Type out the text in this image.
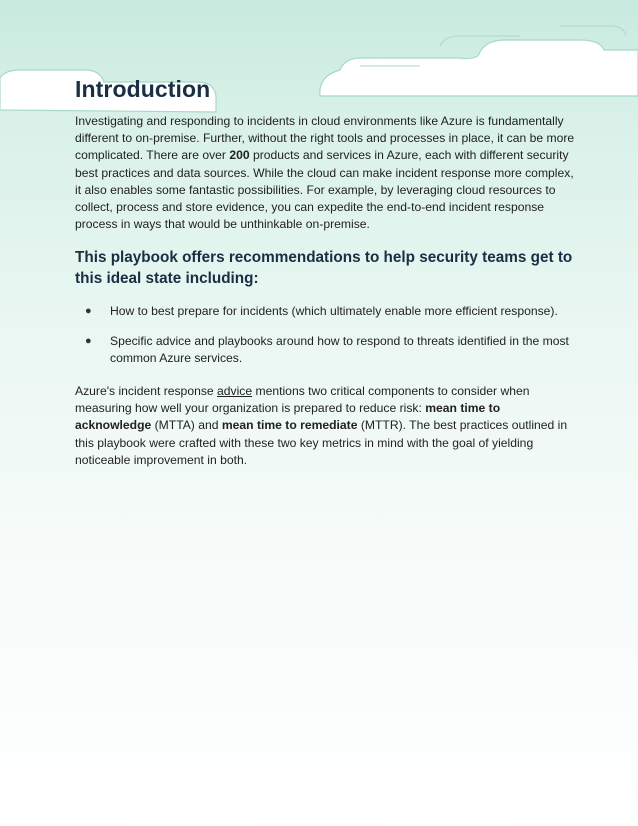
Introduction

Investigating and responding to incidents in cloud environments like Azure is fundamentally different to on-premise. Further, without the right tools and processes in place, it can be more complicated. There are over 200 products and services in Azure, each with different security best practices and data sources. While the cloud can make incident response more complex, it also enables some fantastic possibilities. For example, by leveraging cloud resources to collect, process and store evidence, you can expedite the end-to-end incident response process in ways that would be unthinkable on-premise.

This playbook offers recommendations to help security teams get to this ideal state including:
● How to best prepare for incidents (which ultimately enable more efficient response).
● Specific advice and playbooks around how to respond to threats identified in the most common Azure services.

Azure's incident response advice mentions two critical components to consider when measuring how well your organization is prepared to reduce risk: mean time to acknowledge (MTTA) and mean time to remediate (MTTR). The best practices outlined in this playbook were crafted with these two key metrics in mind with the goal of yielding noticeable improvement in both.
